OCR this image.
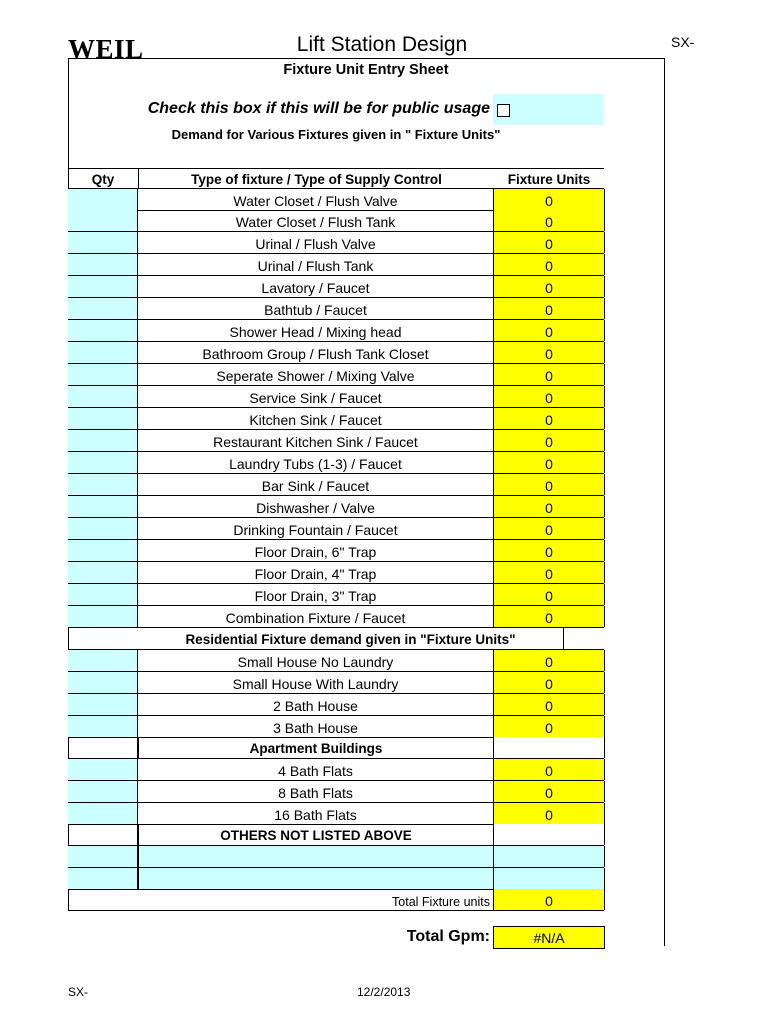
WEIL	Lift Station Design	SX-
Fixture Unit Entry Sheet
Check this box if this will be for public usage
Demand for Various Fixtures given in " Fixture Units"
Qty	Type of fixture / Type of Supply Control	Fixture Units
Water Closet / Flush Valve	0
Water Closet / Flush Tank	0
Urinal / Flush Valve	0
Urinal / Flush Tank	0
Lavatory / Faucet	0
Bathtub / Faucet	0
Shower Head / Mixing head	0
Bathroom Group / Flush Tank Closet	0
Seperate Shower / Mixing Valve	0
Service Sink / Faucet	0
Kitchen Sink / Faucet	0
Restaurant Kitchen Sink / Faucet	0
Laundry Tubs (1-3) / Faucet	0
Bar Sink / Faucet	0
Dishwasher / Valve	0
Drinking Fountain / Faucet	0
Floor Drain, 6" Trap	0
Floor Drain, 4" Trap	0
Floor Drain, 3" Trap	0
Combination Fixture / Faucet	0
Residential Fixture demand given in "Fixture Units"
Small House No Laundry	0
Small House With Laundry	0
2 Bath House	0
3 Bath House	0
Apartment Buildings
4 Bath Flats	0
8 Bath Flats	0
16 Bath Flats	0
OTHERS NOT LISTED ABOVE
Total Fixture units	0
Total Gpm:	#N/A
SX-	12/2/2013
